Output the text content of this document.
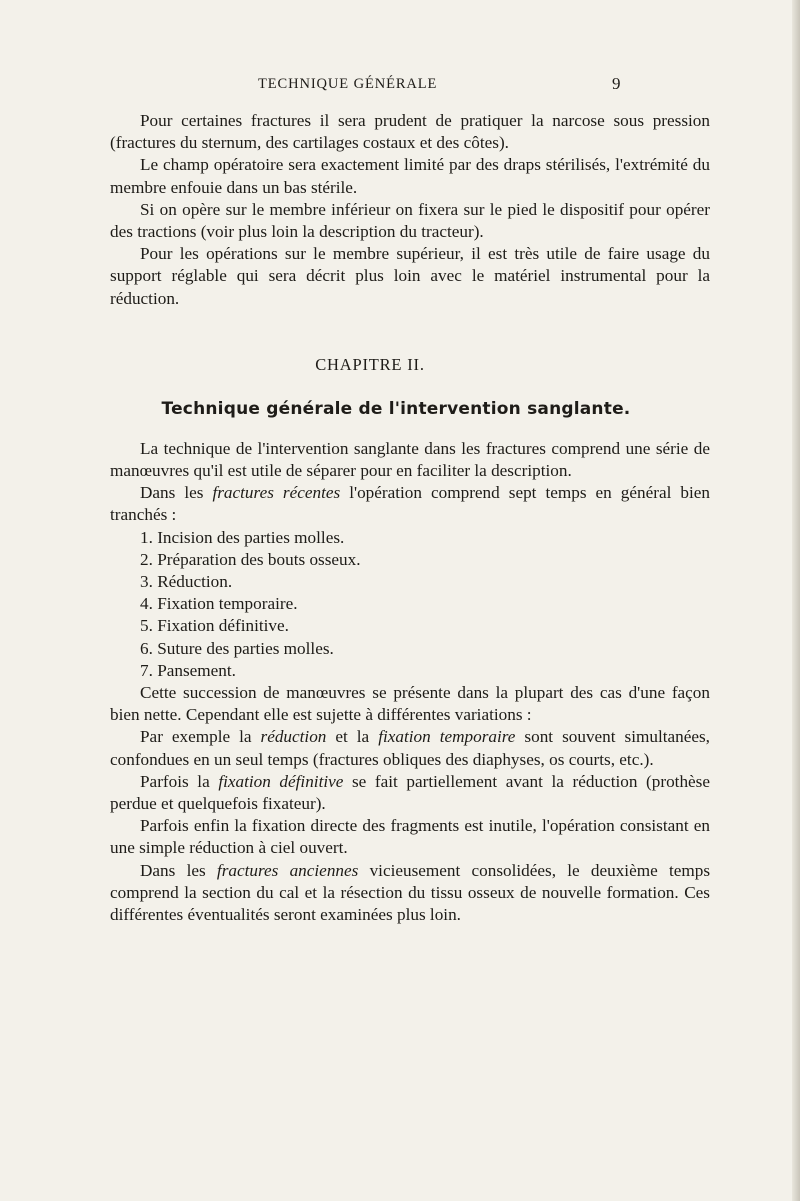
TECHNIQUE GÉNÉRALE	9

Pour certaines fractures il sera prudent de pratiquer la narcose sous pression (fractures du sternum, des cartilages costaux et des côtes).

Le champ opératoire sera exactement limité par des draps stérilisés, l'extrémité du membre enfouie dans un bas stérile.

Si on opère sur le membre inférieur on fixera sur le pied le dispositif pour opérer des tractions (voir plus loin la description du tracteur).

Pour les opérations sur le membre supérieur, il est très utile de faire usage du support réglable qui sera décrit plus loin avec le matériel instrumental pour la réduction.

CHAPITRE II.
Technique générale de l'intervention sanglante.

La technique de l'intervention sanglante dans les fractures comprend une série de manœuvres qu'il est utile de séparer pour en faciliter la description.

Dans les fractures récentes l'opération comprend sept temps en général bien tranchés :

1. Incision des parties molles.
2. Préparation des bouts osseux.
3. Réduction.
4. Fixation temporaire.
5. Fixation définitive.
6. Suture des parties molles.
7. Pansement.

Cette succession de manœuvres se présente dans la plupart des cas d'une façon bien nette. Cependant elle est sujette à différentes variations :

Par exemple la réduction et la fixation temporaire sont souvent simultanées, confondues en un seul temps (fractures obliques des diaphyses, os courts, etc.).

Parfois la fixation définitive se fait partiellement avant la réduction (prothèse perdue et quelquefois fixateur).

Parfois enfin la fixation directe des fragments est inutile, l'opération consistant en une simple réduction à ciel ouvert.

Dans les fractures anciennes vicieusement consolidées, le deuxième temps comprend la section du cal et la résection du tissu osseux de nouvelle formation. Ces différentes éventualités seront examinées plus loin.
